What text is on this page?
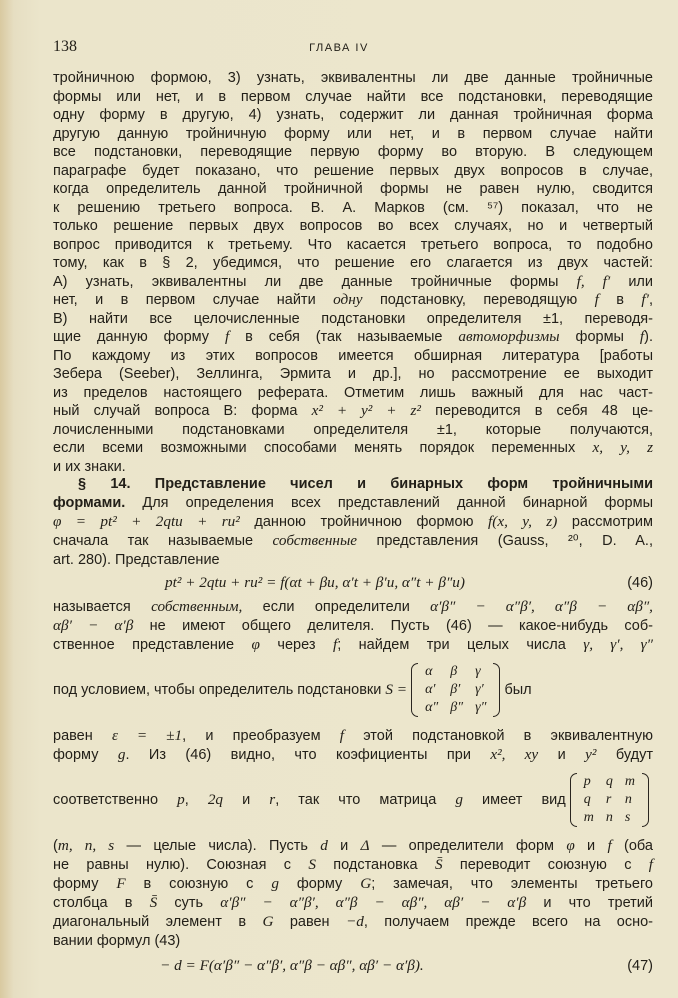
138	ГЛАВА IV
тройничною формою, 3) узнать, эквивалентны ли две данные тройничные
формы или нет, и в первом случае найти все подстановки, переводящие
одну форму в другую, 4) узнать, содержит ли данная тройничная форма
другую данную тройничную форму или нет, и в первом случае найти
все подстановки, переводящие первую форму во вторую. В следующем
параграфе будет показано, что решение первых двух вопросов в случае,
когда определитель данной тройничной формы не равен нулю, сводится
к решению третьего вопроса. В. А. Марков (см. ⁵⁷) показал, что не
только решение первых двух вопросов во всех случаях, но и четвертый
вопрос приводится к третьему. Что касается третьего вопроса, то подобно
тому, как в § 2, убедимся, что решение его слагается из двух частей:
А) узнать, эквивалентны ли две данные тройничные формы f, f′ или
нет, и в первом случае найти одну подстановку, переводящую f в f′,
В) найти все целочисленные подстановки определителя ±1, переводя-
щие данную форму f в себя (так называемые автоморфизмы формы f).
По каждому из этих вопросов имеется обширная литература [работы
Зебера (Seeber), Зеллинга, Эрмита и др.], но рассмотрение ее выходит
из пределов настоящего реферата. Отметим лишь важный для нас част-
ный случай вопроса В: форма x² + y² + z² переводится в себя 48 це-
лочисленными подстановками определителя ±1, которые получаются,
если всеми возможными способами менять порядок переменных x, y, z
и их знаки.
§ 14. Представление чисел и бинарных форм тройничными
формами. Для определения всех представлений данной бинарной формы
φ = pt² + 2qtu + ru² данною тройничною формою f(x, y, z) рассмотрим
сначала так называемые собственные представления (Gauss, ²⁰, D. A.,
art. 280). Представление
pt² + 2qtu + ru² = f(αt + βu, α′t + β′u, α″t + β″u)	(46)
называется собственным, если определители α′β″ − α″β′, α″β − αβ″,
αβ′ − α′β не имеют общего делителя. Пусть (46) — какое-нибудь соб-
ственное представление φ через f; найдем три целых числа γ, γ′, γ″
под условием, чтобы определитель подстановки S =
α	β	γ
α′	β′	γ′
α″	β″	γ″
был
равен ε = ±1, и преобразуем f этой подстановкой в эквивалентную
форму g. Из (46) видно, что коэфициенты при x², xy и y² будут
соответственно p, 2q и r, так что матрица g имеет вид
p	q	m
q	r	n
m	n	s
(m, n, s — целые числа). Пусть d и Δ — определители форм φ и f (оба
не равны нулю). Союзная с S подстановка S̄ переводит союзную с f
форму F в союзную с g форму G; замечая, что элементы третьего
столбца в S̄ суть α′β″ − α″β′, α″β − αβ″, αβ′ − α′β и что третий
диагональный элемент в G равен −d, получаем прежде всего на осно-
вании формул (43)
− d = F(α′β″ − α″β′, α″β − αβ″, αβ′ − α′β).	(47)
